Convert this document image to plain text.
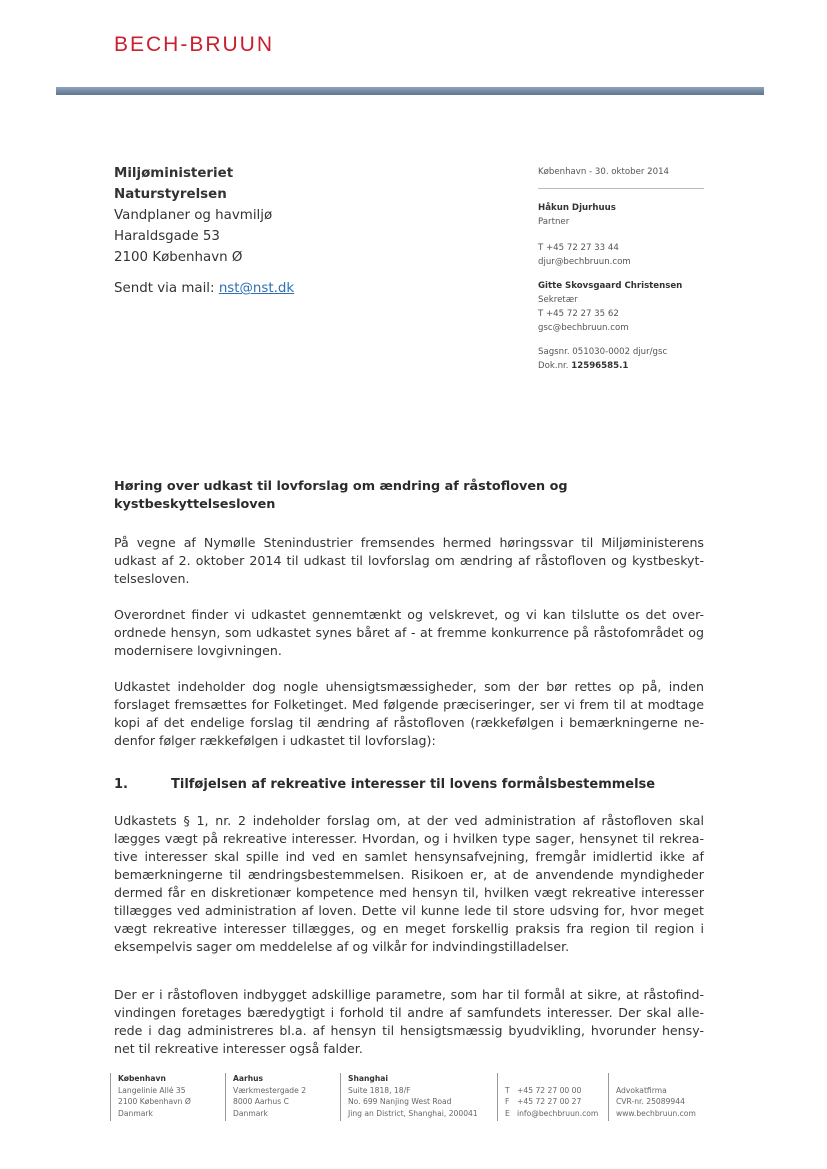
BECH-BRUUN
Miljøministeriet
Naturstyrelsen
Vandplaner og havmiljø
Haraldsgade 53
2100 København Ø
Sendt via mail: nst@nst.dk
København - 30. oktober 2014
Håkun Djurhuus
Partner
T +45 72 27 33 44
djur@bechbruun.com
Gitte Skovsgaard Christensen
Sekretær
T +45 72 27 35 62
gsc@bechbruun.com
Sagsnr. 051030-0002 djur/gsc
Dok.nr. 12596585.1
Høring over udkast til lovforslag om ændring af råstofloven og kystbeskyttelsesloven

På vegne af Nymølle Stenindustrier fremsendes hermed høringssvar til Miljøministerens udkast af 2. oktober 2014 til udkast til lovforslag om ændring af råstofloven og kystbeskyt-telsesloven.

Overordnet finder vi udkastet gennemtænkt og velskrevet, og vi kan tilslutte os det over-ordnede hensyn, som udkastet synes båret af - at fremme konkurrence på råstofområdet og modernisere lovgivningen.

Udkastet indeholder dog nogle uhensigtsmæssigheder, som der bør rettes op på, inden forslaget fremsættes for Folketinget. Med følgende præciseringer, ser vi frem til at modtage kopi af det endelige forslag til ændring af råstofloven (rækkefølgen i bemærkningerne ne-denfor følger rækkefølgen i udkastet til lovforslag):

1.	Tilføjelsen af rekreative interesser til lovens formålsbestemmelse

Udkastets § 1, nr. 2 indeholder forslag om, at der ved administration af råstofloven skal lægges vægt på rekreative interesser. Hvordan, og i hvilken type sager, hensynet til rekrea-tive interesser skal spille ind ved en samlet hensynsafvejning, fremgår imidlertid ikke af bemærkningerne til ændringsbestemmelsen. Risikoen er, at de anvendende myndigheder dermed får en diskretionær kompetence med hensyn til, hvilken vægt rekreative interesser tillægges ved administration af loven. Dette vil kunne lede til store udsving for, hvor meget vægt rekreative interesser tillægges, og en meget forskellig praksis fra region til region i eksempelvis sager om meddelelse af og vilkår for indvindingstilladelser.

Der er i råstofloven indbygget adskillige parametre, som har til formål at sikre, at råstofind-vindingen foretages bæredygtigt i forhold til andre af samfundets interesser. Der skal alle-rede i dag administreres bl.a. af hensyn til hensigtsmæssig byudvikling, hvorunder hensy-net til rekreative interesser også falder.

København
Langelinie Allé 35
2100 København Ø
Danmark
Aarhus
Værkmestergade 2
8000 Aarhus C
Danmark
Shanghai
Suite 1818, 18/F
No. 699 Nanjing West Road
Jing an District, Shanghai, 200041
T +45 72 27 00 00
F +45 72 27 00 27
E info@bechbruun.com
Advokatfirma
CVR-nr. 25089944
www.bechbruun.com
